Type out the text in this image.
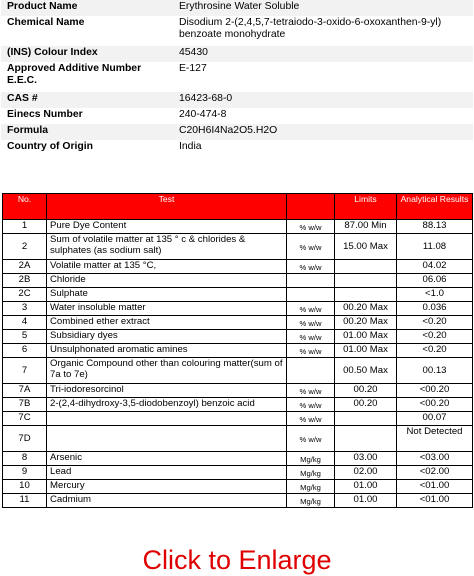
Product Name	Erythrosine Water Soluble
Chemical Name	Disodium 2-(2,4,5,7-tetraiodo-3-oxido-6-oxoxanthen-9-yl) benzoate monohydrate
(INS) Colour Index	45430
Approved Additive Number E.E.C.	E-127
CAS #	16423-68-0
Einecs Number	240-474-8
Formula	C20H6I4Na2O5.H2O
Country of Origin	India
No.	Test		Limits	Analytical Results
1	Pure Dye Content	% w/w	87.00 Min	88.13
2	Sum of volatile matter at 135 ° c & chlorides & sulphates (as sodium salt)	% w/w	15.00 Max	11.08
2A	Volatile matter at 135 °C,	% w/w		04.02
2B	Chloride			06.06
2C	Sulphate			<1.0
3	Water insoluble matter	% w/w	00.20 Max	0.036
4	Combined ether extract	% w/w	00.20 Max	<0.20
5	Subsidiary dyes	% w/w	01.00 Max	<0.20
6	Unsulphonated aromatic amines	% w/w	01.00 Max	<0.20
7	Organic Compound other than colouring matter(sum of 7a to 7e)		00.50 Max	00.13
7A	Tri-iodoresorcinol	% w/w	00.20	<00.20
7B	2-(2,4-dihydroxy-3,5-diodobenzoyl) benzoic acid	% w/w	00.20	<00.20
7C		% w/w		00.07
7D		% w/w		Not Detected
8	Arsenic	Mg/kg	03.00	<03.00
9	Lead	Mg/kg	02.00	<02.00
10	Mercury	Mg/kg	01.00	<01.00
11	Cadmium	Mg/kg	01.00	<01.00
Click to Enlarge
